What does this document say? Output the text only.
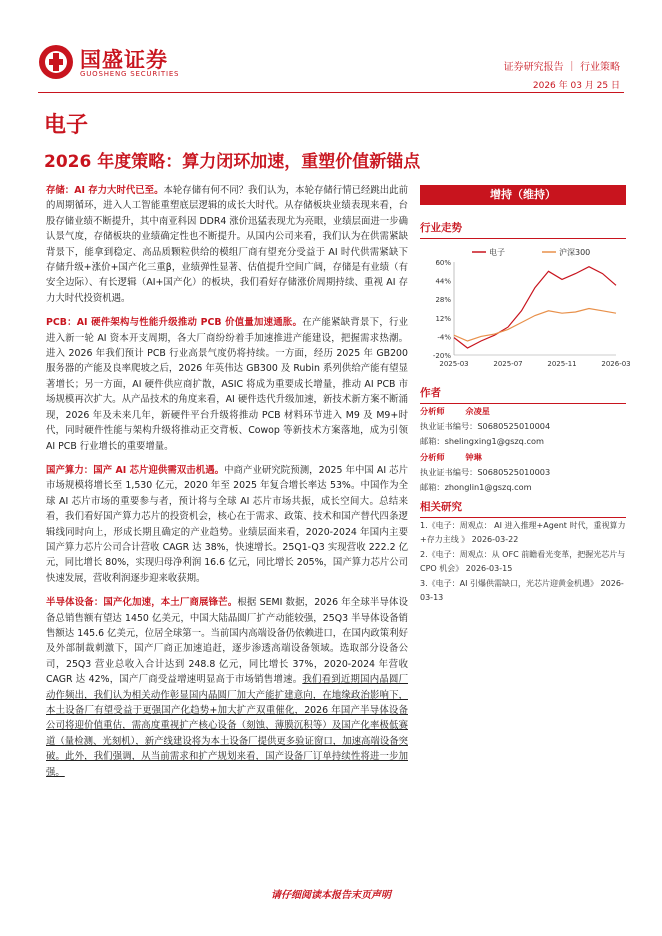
国盛证券
GUOSHENG SECURITIES
证券研究报告 ｜ 行业策略
2026 年 03 月 25 日
电子
2026 年度策略：算力闭环加速，重塑价值新锚点

存储：AI 存力大时代已至。本轮存储有何不同？我们认为，本轮存储行情已经跳出此前的周期循环，进入人工智能重塑底层逻辑的成长大时代。从存储板块业绩表现来看，台股存储业绩不断提升，其中南亚科因 DDR4 涨价迅猛表现尤为亮眼，业绩层面进一步确认景气度，存储板块的业绩确定性也不断提升。从国内公司来看，我们认为在供需紧缺背景下，能拿到稳定、高品质颗粒供给的模组厂商有望充分受益于 AI 时代供需紧缺下存储升级+涨价+国产化三重β，业绩弹性显著、估值提升空间广阔，存储是有业绩（有安全边际）、有长逻辑（AI+国产化）的板块，我们看好存储涨价周期持续、重视 AI 存力大时代投资机遇。

PCB：AI 硬件架构与性能升级推动 PCB 价值量加速通胀。在产能紧缺背景下，行业进入新一轮 AI 资本开支周期，各大厂商纷纷着手加速推进产能建设，把握需求热潮。进入 2026 年我们预计 PCB 行业高景气度仍将持续。一方面，经历 2025 年 GB200 服务器的产能及良率爬坡之后，2026 年英伟达 GB300 及 Rubin 系列供给产能有望显著增长；另一方面，AI 硬件供应商扩散，ASIC 将成为重要成长增量，推动 AI PCB 市场规模再次扩大。从产品技术的角度来看，AI 硬件迭代升级加速，新技术新方案不断涌现，2026 年及未来几年，新硬件平台升级将推动 PCB 材料环节进入 M9 及 M9+时代，同时硬件性能与架构升级将推动正交背板、Cowop 等新技术方案落地，成为引领 AI PCB 行业增长的重要增量。

国产算力：国产 AI 芯片迎供需双击机遇。中商产业研究院预测，2025 年中国 AI 芯片市场规模将增长至 1,530 亿元，2020 年至 2025 年复合增长率达 53%。中国作为全球 AI 芯片市场的重要参与者，预计将与全球 AI 芯片市场共振，成长空间大。总结来看，我们看好国产算力芯片的投资机会，核心在于需求、政策、技术和国产替代四条逻辑线同时向上，形成长期且确定的产业趋势。业绩层面来看，2020-2024 年国内主要国产算力芯片公司合计营收 CAGR 达 38%，快速增长。25Q1-Q3 实现营收 222.2 亿元，同比增长 80%，实现归母净利润 16.6 亿元，同比增长 205%，国产算力芯片公司快速发展，营收利润逐步迎来收获期。

半导体设备：国产化加速，本土厂商展锋芒。根据 SEMI 数据，2026 年全球半导体设备总销售额有望达 1450 亿美元，中国大陆晶圆厂扩产动能较强，25Q3 半导体设备销售额达 145.6 亿美元，位居全球第一。当前国内高端设备仍依赖进口，在国内政策利好及外部制裁刺激下，国产厂商正加速追赶，逐步渗透高端设备领域。选取部分设备公司，25Q3 营业总收入合计达到 248.8 亿元，同比增长 37%，2020-2024 年营收 CAGR 达 42%，国产厂商受益增速明显高于市场销售增速。我们看到近期国内晶圆厂动作频出，我们认为相关动作彰显国内晶圆厂加大产能扩建意向，在地缘政治影响下，本土设备厂有望受益于更强国产化趋势+加大扩产双重催化，2026 年国产半导体设备公司将迎价值重估，需高度重视扩产核心设备（刻蚀、薄膜沉积等）及国产化率极低赛道（量检测、光刻机），新产线建设将为本土设备厂提供更多验证窗口，加速高端设备突破。此外，我们强调，从当前需求和扩产规划来看，国产设备厂订单持续性将进一步加强。

增持（维持）
行业走势
60%
44%
28%
12%
-4%
-20%
2025-03	2025-07	2025-11	2026-03
电子	沪深300
作者
分析师	佘凌星
执业证书编号：S0680525010004
邮箱：shelingxing1@gszq.com
分析师	钟琳
执业证书编号：S0680525010003
邮箱：zhonglin1@gszq.com
相关研究
1.《电子：周观点： AI 进入推理+Agent 时代，重视算力+存力主线 》 2026-03-22
2.《电子：周观点：从 OFC 前瞻看光变革，把握光芯片与 CPO 机会》 2026-03-15
3.《电子：AI 引爆供需缺口，光芯片迎黄金机遇》 2026-03-13
请仔细阅读本报告末页声明
